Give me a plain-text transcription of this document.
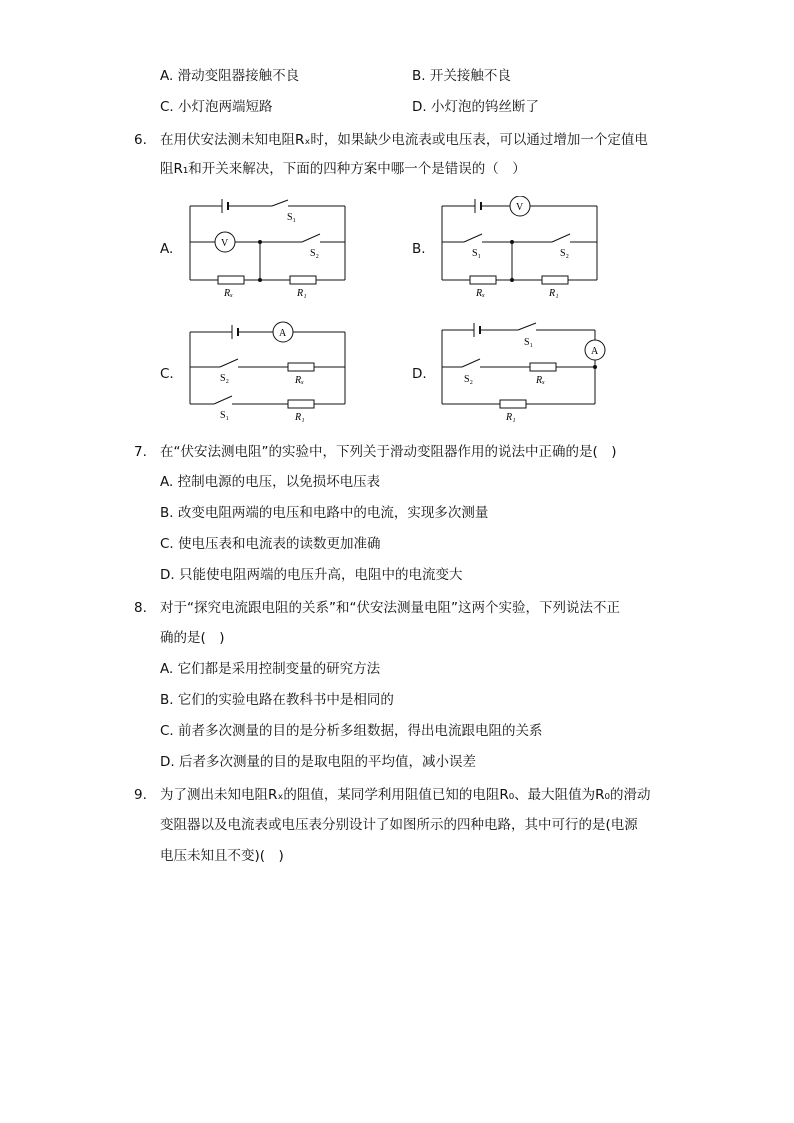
A. 滑动变阻器接触不良	B. 开关接触不良
C. 小灯泡两端短路	D. 小灯泡的钨丝断了
6. 在用伏安法测未知电阻Rₓ时，如果缺少电流表或电压表，可以通过增加一个定值电
阻R₁和开关来解决，下面的四种方案中哪一个是错误的（　）
A.	V
S₁
S₂
Rₓ	R₁
B.
V
S₁	S₂
Rₓ	R₁
C.
A
S₂	Rₓ
S₁	R₁
D.
A
S₁
S₂	Rₓ
R₁
7. 在“伏安法测电阻”的实验中，下列关于滑动变阻器作用的说法中正确的是(　)
A. 控制电源的电压，以免损坏电压表
B. 改变电阻两端的电压和电路中的电流，实现多次测量
C. 使电压表和电流表的读数更加准确
D. 只能使电阻两端的电压升高，电阻中的电流变大
8. 对于“探究电流跟电阻的关系”和“伏安法测量电阻”这两个实验，下列说法不正
确的是(　)
A. 它们都是采用控制变量的研究方法
B. 它们的实验电路在教科书中是相同的
C. 前者多次测量的目的是分析多组数据，得出电流跟电阻的关系
D. 后者多次测量的目的是取电阻的平均值，减小误差
9. 为了测出未知电阻Rₓ的阻值，某同学利用阻值已知的电阻R₀、最大阻值为R₀的滑动
变阻器以及电流表或电压表分别设计了如图所示的四种电路，其中可行的是(电源
电压未知且不变)(　)
